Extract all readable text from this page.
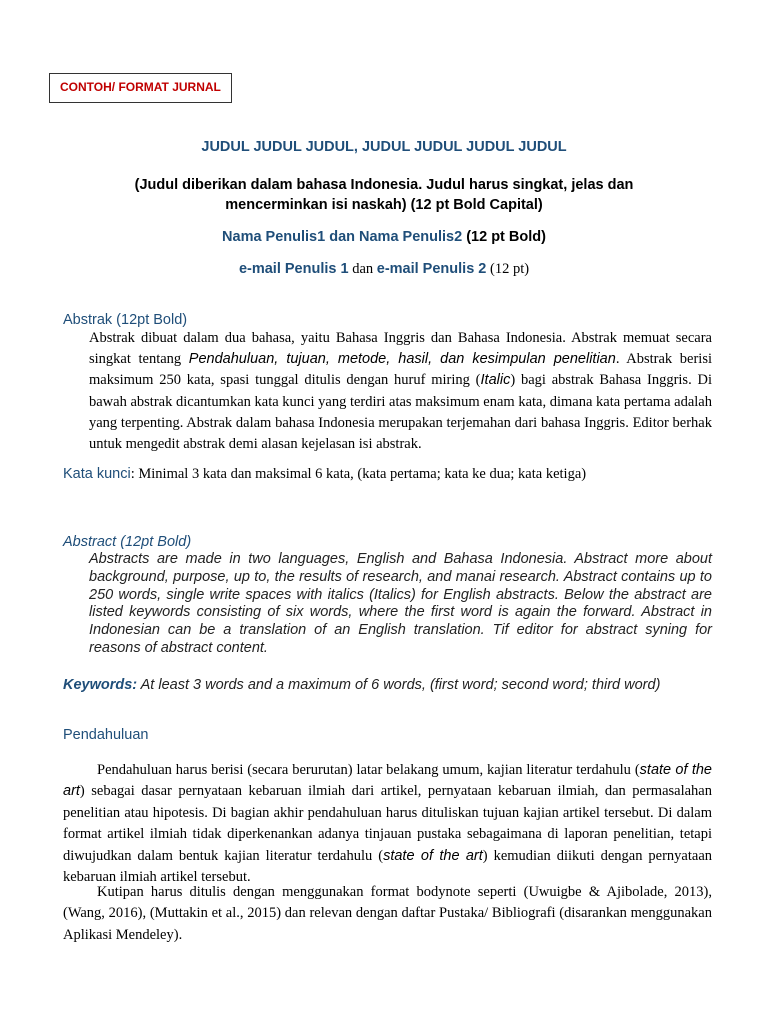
CONTOH/ FORMAT JURNAL
JUDUL JUDUL JUDUL, JUDUL JUDUL JUDUL JUDUL
(Judul diberikan dalam bahasa Indonesia. Judul harus singkat, jelas dan
mencerminkan isi naskah) (12 pt Bold Capital)
Nama Penulis1 dan Nama Penulis2 (12 pt Bold)
e-mail Penulis 1 dan e-mail Penulis 2 (12 pt)
Abstrak (12pt Bold)

Abstrak dibuat dalam dua bahasa, yaitu Bahasa Inggris dan Bahasa Indonesia. Abstrak memuat secara singkat tentang Pendahuluan, tujuan, metode, hasil, dan kesimpulan penelitian. Abstrak berisi maksimum 250 kata, spasi tunggal ditulis dengan huruf miring (Italic) bagi abstrak Bahasa Inggris. Di bawah abstrak dicantumkan kata kunci yang terdiri atas maksimum enam kata, dimana kata pertama adalah yang terpenting. Abstrak dalam bahasa Indonesia merupakan terjemahan dari bahasa Inggris. Editor berhak untuk mengedit abstrak demi alasan kejelasan isi abstrak.

Kata kunci: Minimal 3 kata dan maksimal 6 kata, (kata pertama; kata ke dua; kata ketiga)
Abstract (12pt Bold)

Abstracts are made in two languages, English and Bahasa Indonesia. Abstract more about background, purpose, up to, the results of research, and manai research. Abstract contains up to 250 words, single write spaces with italics (Italics) for English abstracts. Below the abstract are listed keywords consisting of six words, where the first word is again the forward. Abstract in Indonesian can be a translation of an English translation. Tif editor for abstract syning for reasons of abstract content.

Keywords: At least 3 words and a maximum of 6 words, (first word; second word; third word)
Pendahuluan

Pendahuluan harus berisi (secara berurutan) latar belakang umum, kajian literatur terdahulu (state of the art) sebagai dasar pernyataan kebaruan ilmiah dari artikel, pernyataan kebaruan ilmiah, dan permasalahan penelitian atau hipotesis. Di bagian akhir pendahuluan harus dituliskan tujuan kajian artikel tersebut. Di dalam format artikel ilmiah tidak diperkenankan adanya tinjauan pustaka sebagaimana di laporan penelitian, tetapi diwujudkan dalam bentuk kajian literatur terdahulu (state of the art) kemudian diikuti dengan pernyataan kebaruan ilmiah artikel tersebut.

Kutipan harus ditulis dengan menggunakan format bodynote seperti (Uwuigbe & Ajibolade, 2013), (Wang, 2016), (Muttakin et al., 2015) dan relevan dengan daftar Pustaka/ Bibliografi (disarankan menggunakan Aplikasi Mendeley).
